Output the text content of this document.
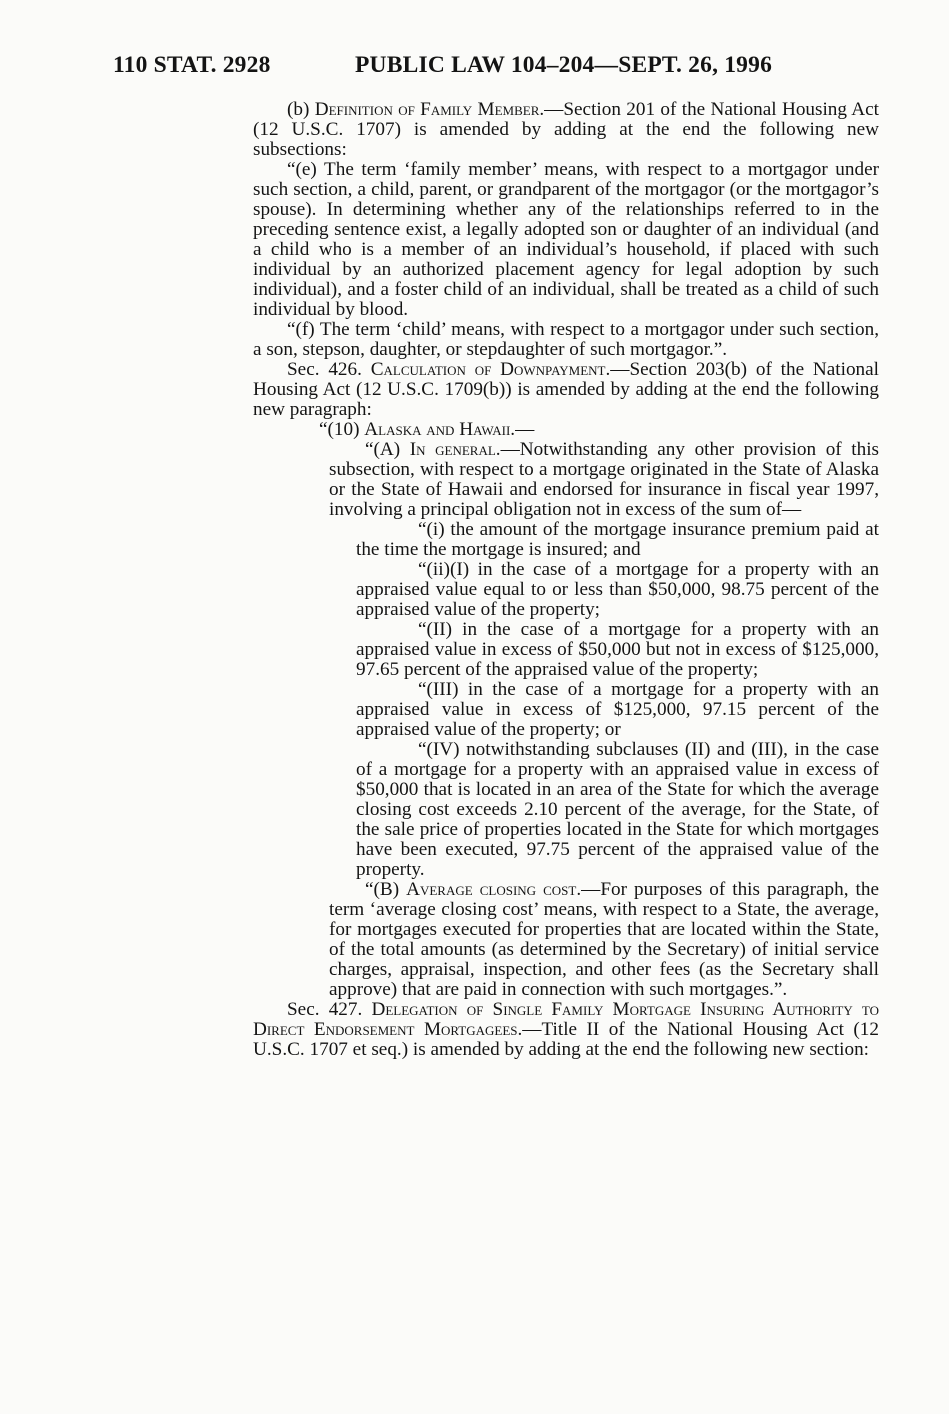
110 STAT. 2928	PUBLIC LAW 104–204—SEPT. 26, 1996

(b) Definition of Family Member.—Section 201 of the National Housing Act (12 U.S.C. 1707) is amended by adding at the end the following new subsections:

“(e) The term ‘family member’ means, with respect to a mortgagor under such section, a child, parent, or grandparent of the mortgagor (or the mortgagor’s spouse). In determining whether any of the relationships referred to in the preceding sentence exist, a legally adopted son or daughter of an individual (and a child who is a member of an individual’s household, if placed with such individual by an authorized placement agency for legal adoption by such individual), and a foster child of an individual, shall be treated as a child of such individual by blood.

“(f) The term ‘child’ means, with respect to a mortgagor under such section, a son, stepson, daughter, or stepdaughter of such mortgagor.”.

Sec. 426. Calculation of Downpayment.—Section 203(b) of the National Housing Act (12 U.S.C. 1709(b)) is amended by adding at the end the following new paragraph:

“(10) Alaska and Hawaii.—

“(A) In general.—Notwithstanding any other provision of this subsection, with respect to a mortgage originated in the State of Alaska or the State of Hawaii and endorsed for insurance in fiscal year 1997, involving a principal obligation not in excess of the sum of—

“(i) the amount of the mortgage insurance premium paid at the time the mortgage is insured; and

“(ii)(I) in the case of a mortgage for a property with an appraised value equal to or less than $50,000, 98.75 percent of the appraised value of the property;

“(II) in the case of a mortgage for a property with an appraised value in excess of $50,000 but not in excess of $125,000, 97.65 percent of the appraised value of the property;

“(III) in the case of a mortgage for a property with an appraised value in excess of $125,000, 97.15 percent of the appraised value of the property; or

“(IV) notwithstanding subclauses (II) and (III), in the case of a mortgage for a property with an appraised value in excess of $50,000 that is located in an area of the State for which the average closing cost exceeds 2.10 percent of the average, for the State, of the sale price of properties located in the State for which mortgages have been executed, 97.75 percent of the appraised value of the property.

“(B) Average closing cost.—For purposes of this paragraph, the term ‘average closing cost’ means, with respect to a State, the average, for mortgages executed for properties that are located within the State, of the total amounts (as determined by the Secretary) of initial service charges, appraisal, inspection, and other fees (as the Secretary shall approve) that are paid in connection with such mortgages.”.

Sec. 427. Delegation of Single Family Mortgage Insuring Authority to Direct Endorsement Mortgagees.—Title II of the National Housing Act (12 U.S.C. 1707 et seq.) is amended by adding at the end the following new section:
